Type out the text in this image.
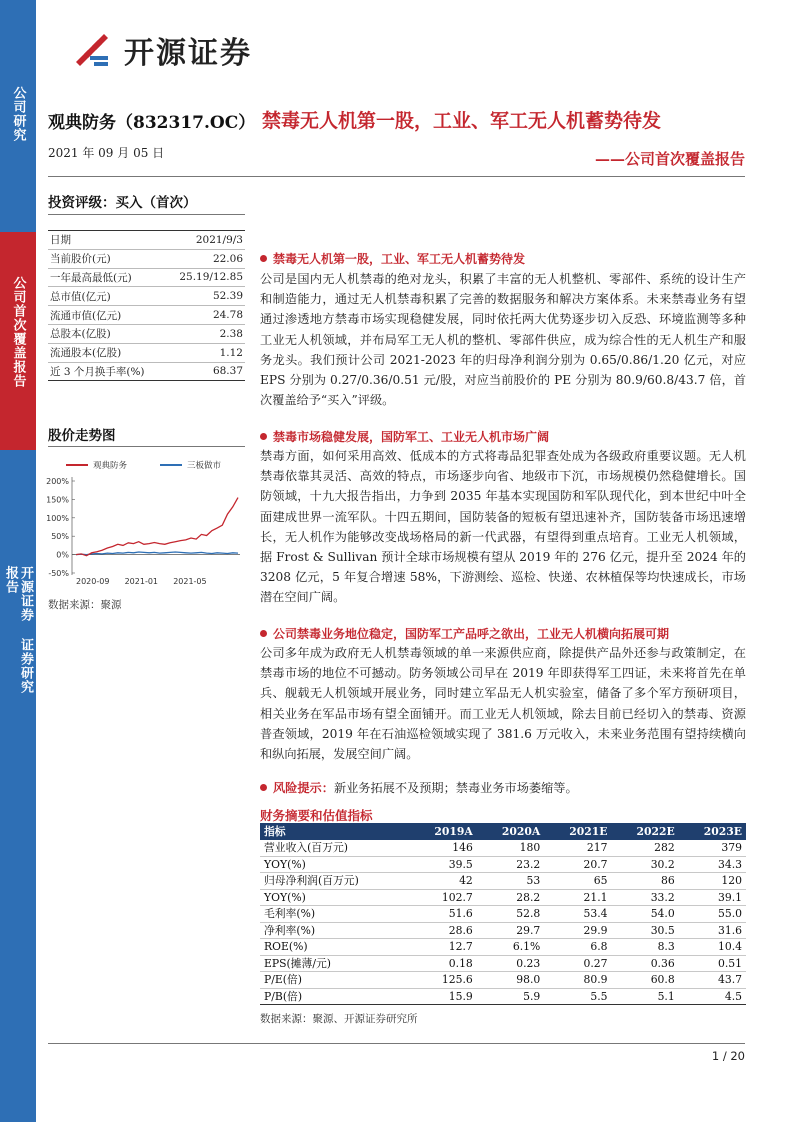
公司研究
公司首次覆盖报告
开源证券 证券研究报告
开源证券
观典防务（832317.OC） 禁毒无人机第一股，工业、军工无人机蓄势待发
2021 年 09 月 05 日	——公司首次覆盖报告
投资评级：买入（首次）
日期	2021/9/3
当前股价(元)	22.06
一年最高最低(元)	25.19/12.85
总市值(亿元)	52.39
流通市值(亿元)	24.78
总股本(亿股)	2.38
流通股本(亿股)	1.12
近 3 个月换手率(%)	68.37
股价走势图
观典防务	三板做市
200%
150%
100%
50%
0%
-50%
2020-09 2021-01 2021-05
数据来源：聚源
禁毒无人机第一股，工业、军工无人机蓄势待发
公司是国内无人机禁毒的绝对龙头，积累了丰富的无人机整机、零部件、系统的设计生产和制造能力，通过无人机禁毒积累了完善的数据服务和解决方案体系。未来禁毒业务有望通过渗透地方禁毒市场实现稳健发展，同时依托两大优势逐步切入反恐、环境监测等多种工业无人机领域，并布局军工无人机的整机、零部件供应，成为综合性的无人机生产和服务龙头。我们预计公司 2021-2023 年的归母净利润分别为 0.65/0.86/1.20 亿元，对应 EPS 分别为 0.27/0.36/0.51 元/股，对应当前股价的 PE 分别为 80.9/60.8/43.7 倍，首次覆盖给予“买入”评级。
禁毒市场稳健发展，国防军工、工业无人机市场广阔
禁毒方面，如何采用高效、低成本的方式将毒品犯罪查处成为各级政府重要议题。无人机禁毒依靠其灵活、高效的特点，市场逐步向省、地级市下沉，市场规模仍然稳健增长。国防领域，十九大报告指出，力争到 2035 年基本实现国防和军队现代化，到本世纪中叶全面建成世界一流军队。十四五期间，国防装备的短板有望迅速补齐，国防装备市场迅速增长，无人机作为能够改变战场格局的新一代武器，有望得到重点培育。工业无人机领域，据 Frost & Sullivan 预计全球市场规模有望从 2019 年的 276 亿元，提升至 2024 年的 3208 亿元，5 年复合增速 58%，下游测绘、巡检、快递、农林植保等均快速成长，市场潜在空间广阔。
公司禁毒业务地位稳定，国防军工产品呼之欲出，工业无人机横向拓展可期
公司多年成为政府无人机禁毒领域的单一来源供应商，除提供产品外还参与政策制定，在禁毒市场的地位不可撼动。防务领域公司早在 2019 年即获得军工四证，未来将首先在单兵、舰载无人机领域开展业务，同时建立军品无人机实验室，储备了多个军方预研项目，相关业务在军品市场有望全面铺开。而工业无人机领域，除去目前已经切入的禁毒、资源普查领域，2019 年在石油巡检领域实现了 381.6 万元收入，未来业务范围有望持续横向和纵向拓展，发展空间广阔。
风险提示：新业务拓展不及预期；禁毒业务市场萎缩等。
财务摘要和估值指标
指标	2019A	2020A	2021E	2022E	2023E
营业收入(百万元)	146	180	217	282	379
YOY(%)	39.5	23.2	20.7	30.2	34.3
归母净利润(百万元)	42	53	65	86	120
YOY(%)	102.7	28.2	21.1	33.2	39.1
毛利率(%)	51.6	52.8	53.4	54.0	55.0
净利率(%)	28.6	29.7	29.9	30.5	31.6
ROE(%)	12.7	6.1%	6.8	8.3	10.4
EPS(摊薄/元)	0.18	0.23	0.27	0.36	0.51
P/E(倍)	125.6	98.0	80.9	60.8	43.7
P/B(倍)	15.9	5.9	5.5	5.1	4.5
数据来源：聚源、开源证券研究所
1 / 20
